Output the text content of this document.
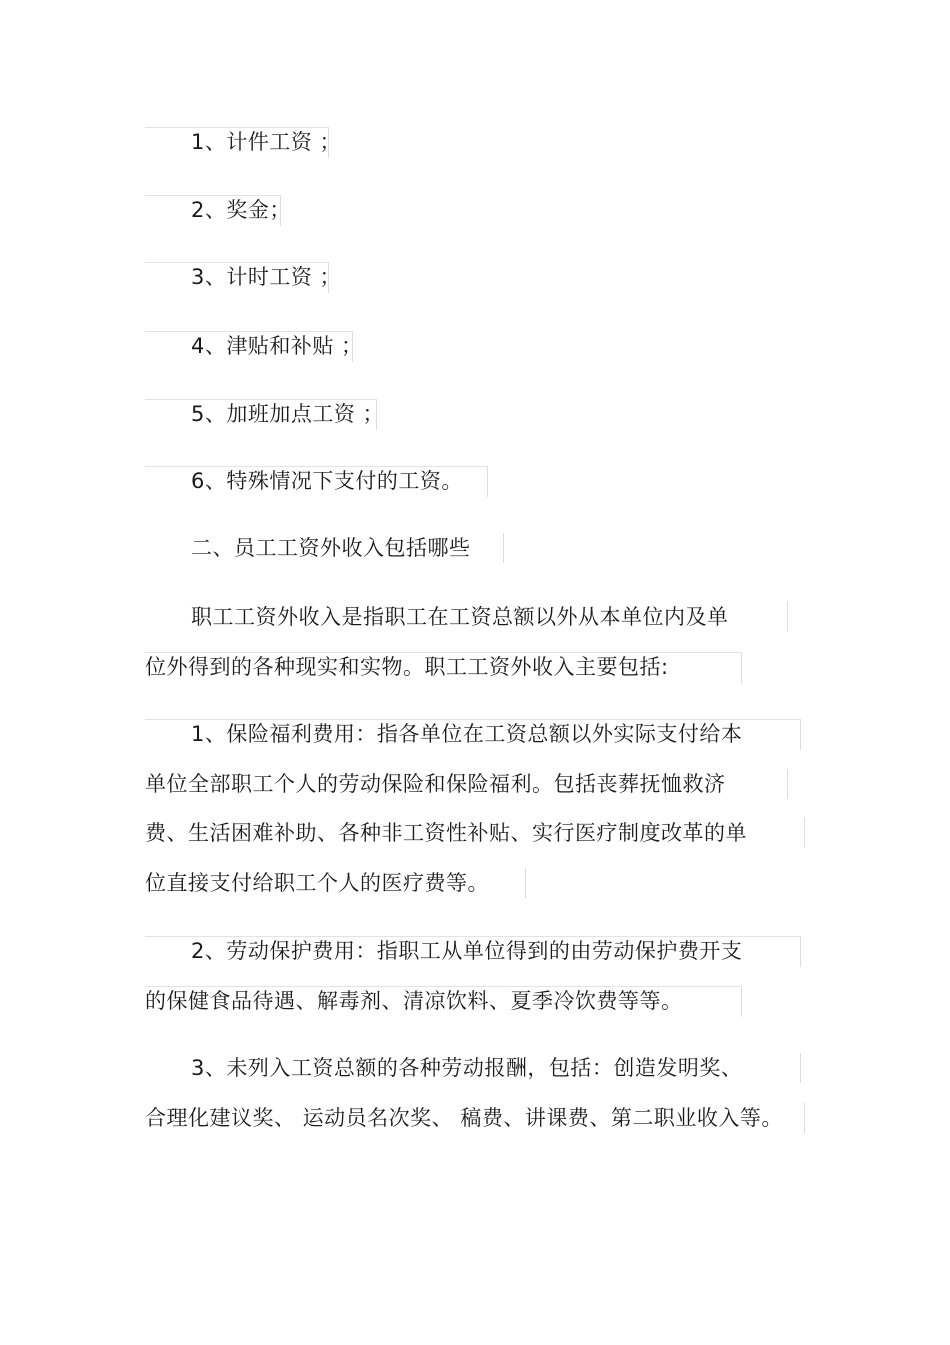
1、计件工资 ；
2、奖金；
3、计时工资 ；
4、津贴和补贴 ；
5、加班加点工资 ；
6、特殊情况下支付的工资。
二、员工工资外收入包括哪些
职工工资外收入是指职工在工资总额以外从本单位内及单
位外得到的各种现实和实物。职工工资外收入主要包括:
1、保险福利费用：指各单位在工资总额以外实际支付给本
单位全部职工个人的劳动保险和保险福利。包括丧葬抚恤救济
费、生活困难补助、各种非工资性补贴、实行医疗制度改革的单
位直接支付给职工个人的医疗费等。
2、劳动保护费用：指职工从单位得到的由劳动保护费开支
的保健食品待遇、解毒剂、清凉饮料、夏季冷饮费等等。
3、未列入工资总额的各种劳动报酬，包括：创造发明奖、
合理化建议奖、 运动员名次奖、 稿费、讲课费、第二职业收入等。
